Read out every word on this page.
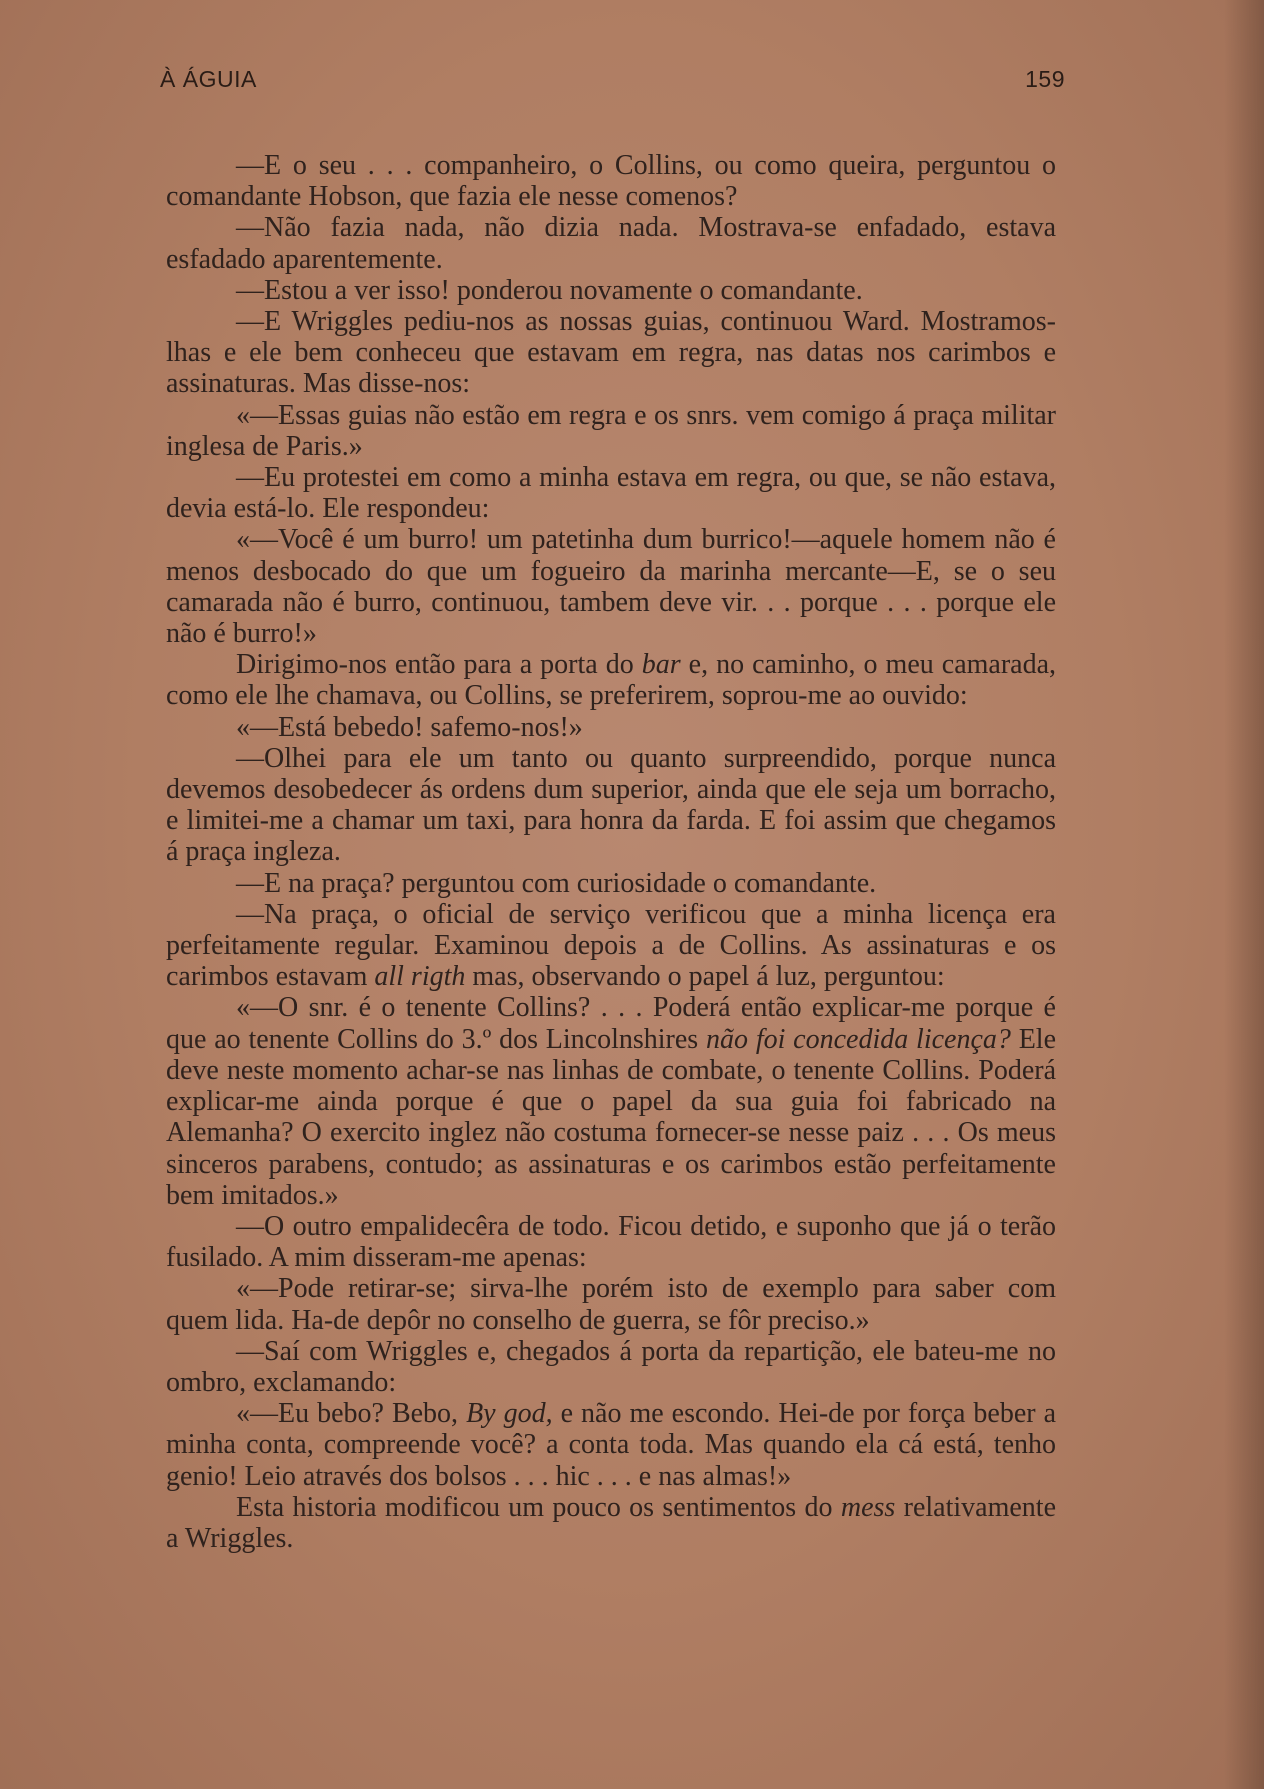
À ÁGUIA	159

—E o seu . . . companheiro, o Collins, ou como queira, perguntou o comandante Hobson, que fazia ele nesse comenos?

—Não fazia nada, não dizia nada. Mostrava-se enfadado, estava esfadado aparentemente.

—Estou a ver isso! ponderou novamente o comandante.

—E Wriggles pediu-nos as nossas guias, continuou Ward. Mostramos-lhas e ele bem conheceu que estavam em regra, nas datas nos carimbos e assinaturas. Mas disse-nos:

«—Essas guias não estão em regra e os snrs. vem comigo á praça militar inglesa de Paris.»

—Eu protestei em como a minha estava em regra, ou que, se não estava, devia está-lo. Ele respondeu:

«—Você é um burro! um patetinha dum burrico!—aquele homem não é menos desbocado do que um fogueiro da marinha mercante—E, se o seu camarada não é burro, continuou, tambem deve vir. . . porque . . . porque ele não é burro!»

Dirigimo-nos então para a porta do bar e, no caminho, o meu camarada, como ele lhe chamava, ou Collins, se preferirem, soprou-me ao ouvido:

«—Está bebedo! safemo-nos!»

—Olhei para ele um tanto ou quanto surpreendido, porque nunca devemos desobedecer ás ordens dum superior, ainda que ele seja um borracho, e limitei-me a chamar um taxi, para honra da farda. E foi assim que chegamos á praça ingleza.

—E na praça? perguntou com curiosidade o comandante.

—Na praça, o oficial de serviço verificou que a minha licença era perfeitamente regular. Examinou depois a de Collins. As assinaturas e os carimbos estavam all rigth mas, observando o papel á luz, perguntou:

«—O snr. é o tenente Collins? . . . Poderá então explicar-me porque é que ao tenente Collins do 3.º dos Lincolnshires não foi concedida licença? Ele deve neste momento achar-se nas linhas de combate, o tenente Collins. Poderá explicar-me ainda porque é que o papel da sua guia foi fabricado na Alemanha? O exercito inglez não costuma fornecer-se nesse paiz . . . Os meus sinceros parabens, contudo; as assinaturas e os carimbos estão perfeitamente bem imitados.»

—O outro empalidecêra de todo. Ficou detido, e suponho que já o terão fusilado. A mim disseram-me apenas:

«—Pode retirar-se; sirva-lhe porém isto de exemplo para saber com quem lida. Ha-de depôr no conselho de guerra, se fôr preciso.»

—Saí com Wriggles e, chegados á porta da repartição, ele bateu-me no ombro, exclamando:

«—Eu bebo? Bebo, By god, e não me escondo. Hei-de por força beber a minha conta, compreende você? a conta toda. Mas quando ela cá está, tenho genio! Leio através dos bolsos . . . hic . . . e nas almas!»

Esta historia modificou um pouco os sentimentos do mess relativamente a Wriggles.
